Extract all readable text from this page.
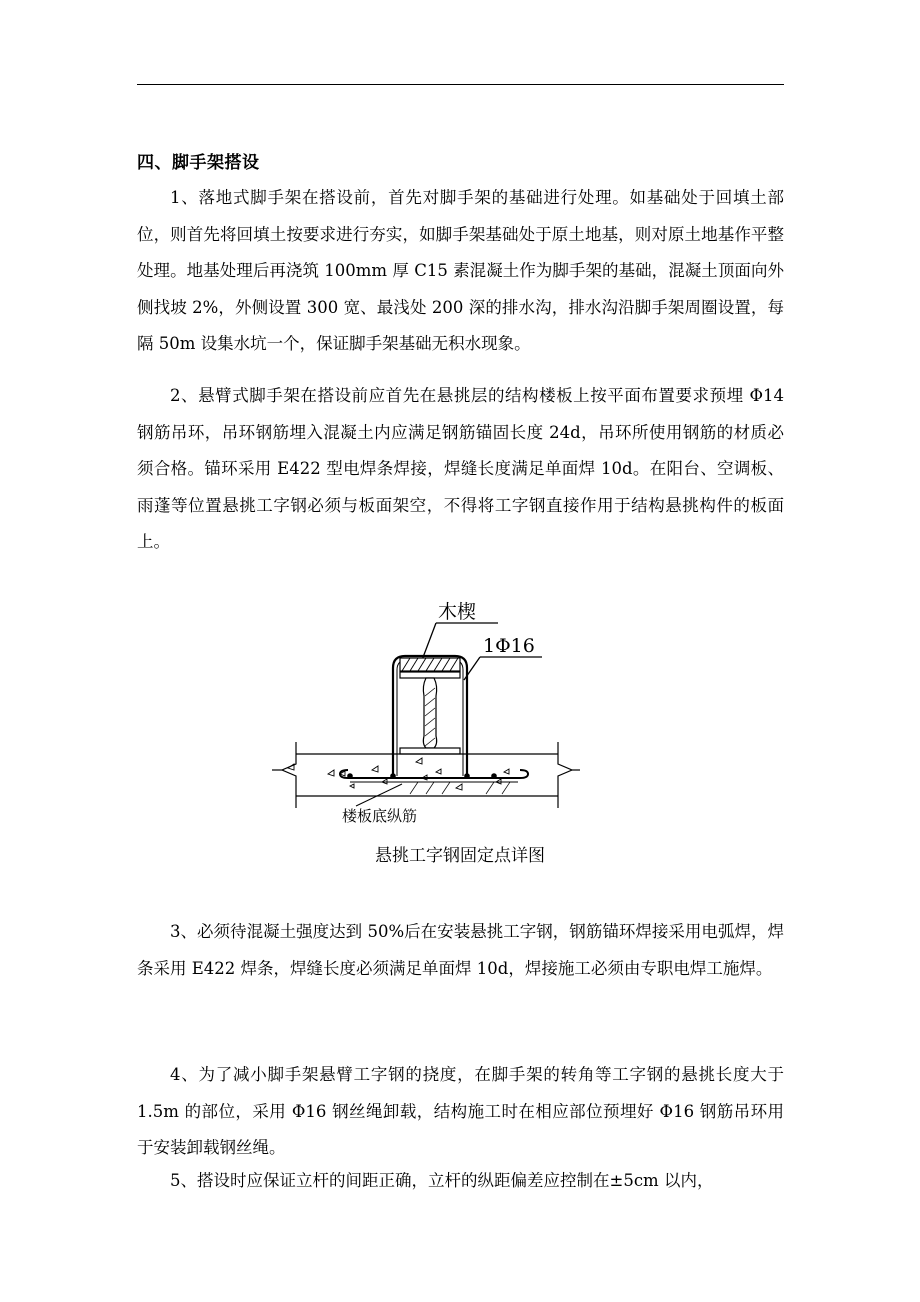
四、脚手架搭设

1、落地式脚手架在搭设前，首先对脚手架的基础进行处理。如基础处于回填土部位，则首先将回填土按要求进行夯实，如脚手架基础处于原土地基，则对原土地基作平整处理。地基处理后再浇筑 100mm 厚 C15 素混凝土作为脚手架的基础，混凝土顶面向外侧找坡 2%，外侧设置 300 宽、最浅处 200 深的排水沟，排水沟沿脚手架周圈设置，每隔 50m 设集水坑一个，保证脚手架基础无积水现象。

2、悬臂式脚手架在搭设前应首先在悬挑层的结构楼板上按平面布置要求预埋 Φ14 钢筋吊环，吊环钢筋埋入混凝土内应满足钢筋锚固长度 24d，吊环所使用钢筋的材质必须合格。锚环采用 E422 型电焊条焊接，焊缝长度满足单面焊 10d。在阳台、空调板、雨蓬等位置悬挑工字钢必须与板面架空，不得将工字钢直接作用于结构悬挑构件的板面上。

木楔
1Φ16
楼板底纵筋
悬挑工字钢固定点详图

3、必须待混凝土强度达到 50%后在安装悬挑工字钢，钢筋锚环焊接采用电弧焊，焊条采用 E422 焊条，焊缝长度必须满足单面焊 10d，焊接施工必须由专职电焊工施焊。

4、为了减小脚手架悬臂工字钢的挠度，在脚手架的转角等工字钢的悬挑长度大于 1.5m 的部位，采用 Φ16 钢丝绳卸载，结构施工时在相应部位预埋好 Φ16 钢筋吊环用于安装卸载钢丝绳。

5、搭设时应保证立杆的间距正确，立杆的纵距偏差应控制在±5cm 以内，
